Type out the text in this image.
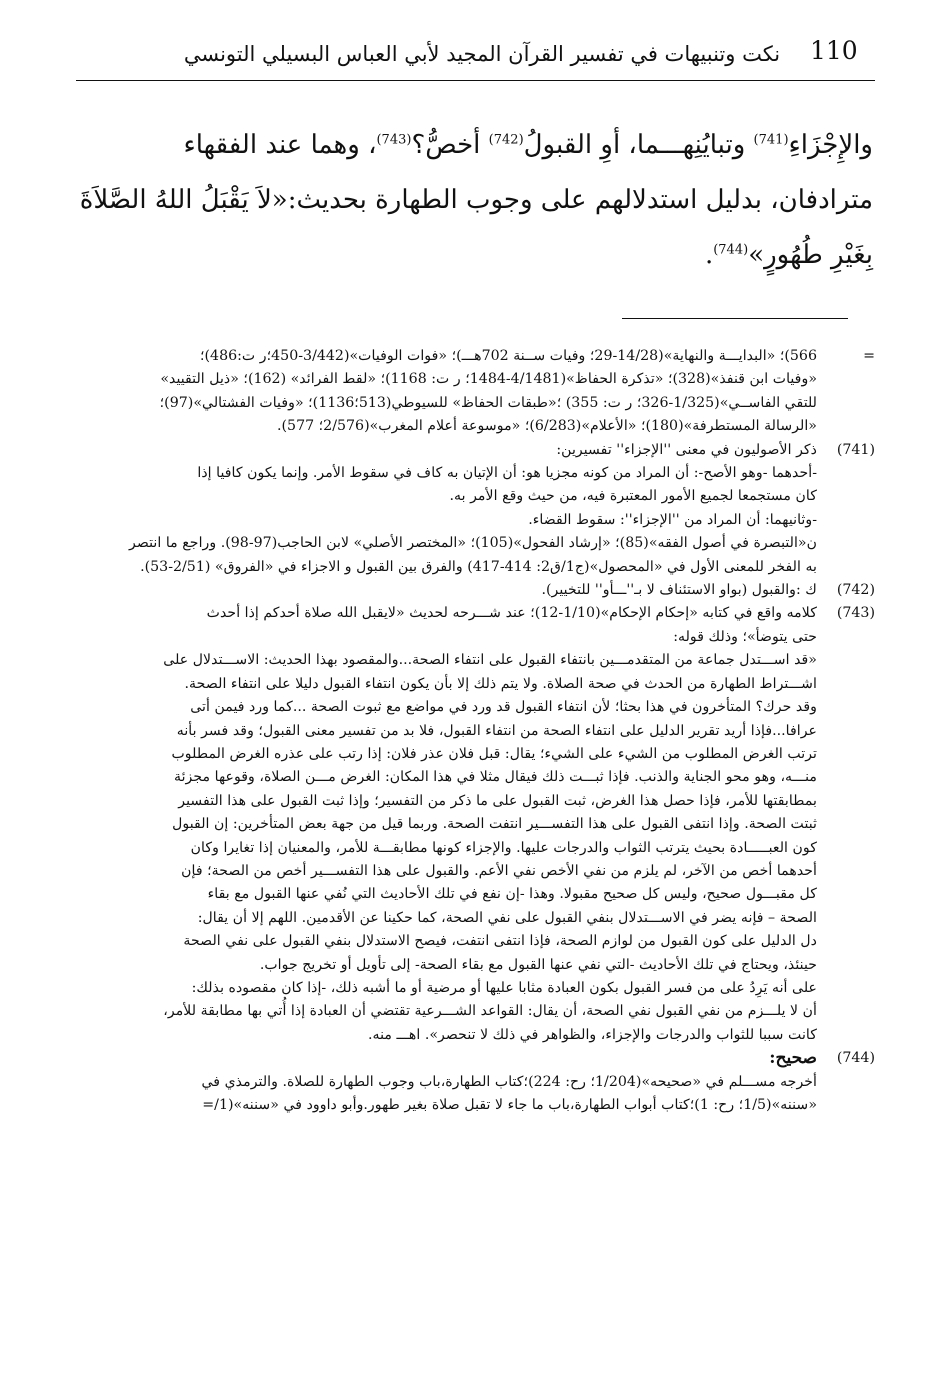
110
نكت وتنبيهات في تفسير القرآن المجيد لأبي العباس البسيلي التونسي

والإِجْزَاءِ$^{(741)}$ وتبايُنِهـــما، أوِ القبولُ$^{(742)}$ أخصُّ؟$^{(743)}$، وهما عند الفقهاء

مترادفان، بدليل استدلالهم على وجوب الطهارة بحديث:«لاَ يَقْبَلُ اللهُ الصَّلاَةَ

بِغَيْرِ طُهُورٍ»$^{(744)}$.

=
566)؛ «البدايـــة والنهاية»(14/28-29؛ وفيات ســنة 702هـــ)؛ «فوات الوفيات»(3/442-450؛ر ت:486)؛
«وفيات ابن قنفذ»(328)؛ «تذكرة الحفاظ»(4/1481-1484؛ ر ت: 1168)؛ «لقط الفرائد» (162)؛ «ذيل التقييد»
للتقي الفاســي»(1/325-326؛ ر ت: 355) ؛«طبقات الحفاظ» للسيوطي(513؛1136)؛ «وفيات الفشتالي»(97)؛
«الرسالة المستطرفة»(180)؛ «الأعلام»(6/283)؛ «موسوعة أعلام المغرب»(2/576؛ 577).
(741)
ذكر الأصوليون في معنى ''الإجزاء'' تفسيرين:
-أحدهما -وهو الأصح-: أن المراد من كونه مجزيا هو: أن الإتيان به كاف في سقوط الأمر. وإنما يكون كافيا إذا
كان مستجمعا لجميع الأمور المعتبرة فيه، من حيث وقع الأمر به.
-وثانيهما: أن المراد من ''الإجزاء'': سقوط القضاء.
ن«التبصرة في أصول الفقه»(85)؛ «إرشاد الفحول»(105)؛ «المختصر الأصلي» لابن الحاجب(97-98). وراجع ما انتصر
به الفخر للمعنى الأول في «المحصول»(ج1/ق2: 414-417) والفرق بين القبول و الاجزاء في «الفروق» (2/51-53).
(742)
ك :والقبول (بواو الاستئناف لا بـ''ـــأو'' للتخيير).
(743)
كلامه واقع في كتابه «إحكام الإحكام»(1/10-12)؛ عند شـــرحه لحديث «لايقبل الله صلاة أحدكم إذا أحدث
حتى يتوضأ»؛ وذلك قوله:
«قد اســـتدل جماعة من المتقدمـــين بانتفاء القبول على انتفاء الصحة...والمقصود بهذا الحديث: الاســـتدلال على
اشـــتراط الطهارة من الحدث في صحة الصلاة. ولا يتم ذلك إلا بأن يكون انتفاء القبول دليلا على انتفاء الصحة.
وقد حرك؟ المتأخرون في هذا بحثا؛ لأن انتفاء القبول قد ورد في مواضع مع ثبوت الصحة ...كما ورد فيمن أتى
عرافا...فإذا أريد تقرير الدليل على انتفاء الصحة من انتفاء القبول، فلا بد من تفسير معنى القبول؛ وقد فسر بأنه
ترتب الغرض المطلوب من الشيء على الشيء؛ يقال: قبل فلان عذر فلان: إذا رتب على عذره الغرض المطلوب
منـــه، وهو محو الجناية والذنب. فإذا ثبـــت ذلك فيقال مثلا في هذا المكان: الغرض مـــن الصلاة، وقوعها مجزئة
بمطابقتها للأمر، فإذا حصل هذا الغرض، ثبت القبول على ما ذكر من التفسير؛ وإذا ثبت القبول على هذا التفسير
ثبتت الصحة. وإذا انتفى القبول على هذا التفســـير انتفت الصحة. وربما قيل من جهة بعض المتأخرين: إن القبول
كون العبـــــادة بحيث يترتب الثواب والدرجات عليها. والإجزاء كونها مطابقـــة للأمر، والمعنيان إذا تغايرا وكان
أحدهما أخص من الآخر، لم يلزم من نفي الأخص نفي الأعم. والقبول على هذا التفســـير أخص من الصحة؛ فإن
كل مقبـــول صحيح، وليس كل صحيح مقبولا. وهذا -إن نفع في تلك الأحاديث التي نُفي عنها القبول مع بقاء
الصحة – فإنه يضر في الاســـتدلال بنفي القبول على نفي الصحة، كما حكينا عن الأقدمين. اللهم إلا أن يقال:
دل الدليل على كون القبول من لوازم الصحة، فإذا انتفى انتفت، فيصح الاستدلال بنفي القبول على نفي الصحة
حينئذ، ويحتاج في تلك الأحاديث -التي نفي عنها القبول مع بقاء الصحة- إلى تأويل أو تخريج جواب.
على أنه يَرِدُ على من فسر القبول بكون العبادة مثابا عليها أو مرضية أو ما أشبه ذلك، -إذا كان مقصوده بذلك:
أن لا يلـــزم من نفي القبول نفي الصحة، أن يقال: القواعد الشـــرعية تقتضي أن العبادة إذا أُتي بها مطابقة للأمر،
كانت سببا للثواب والدرجات والإجزاء، والظواهر في ذلك لا تنحصر». اهـــ منه.
(744)
صحيح:
أخرجه مســـلم في «صحيحه»(1/204؛ رح: 224)؛كتاب الطهارة،باب وجوب الطهارة للصلاة. والترمذي في
«سننه»(1/5؛ رح: 1)؛كتاب أبواب الطهارة،باب ما جاء لا تقبل صلاة بغير طهور.وأبو داوود في «سننه»(1/=
